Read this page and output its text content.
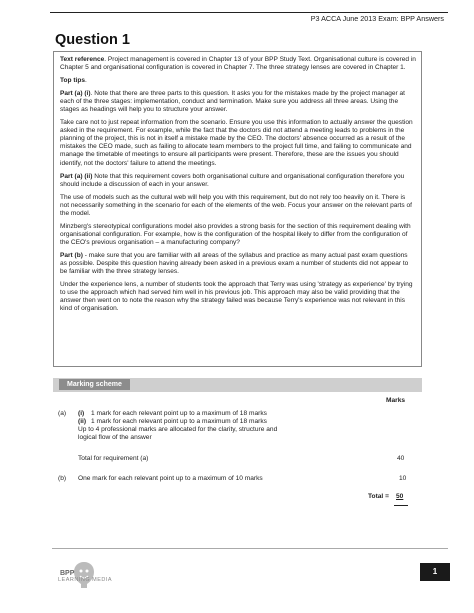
P3 ACCA June 2013 Exam: BPP Answers
Question 1

Text reference. Project management is covered in Chapter 13 of your BPP Study Text. Organisational culture is covered in Chapter 5 and organisational configuration is covered in Chapter 7. The three strategy lenses are covered in Chapter 1.

Top tips.

Part (a) (i). Note that there are three parts to this question. It asks you for the mistakes made by the project manager at each of the three stages: implementation, conduct and termination. Make sure you address all three areas. Using the stages as headings will help you to structure your answer.

Take care not to just repeat information from the scenario. Ensure you use this information to actually answer the question asked in the requirement. For example, while the fact that the doctors did not attend a meeting leads to problems in the planning of the project, this is not in itself a mistake made by the CEO. The doctors' absence occurred as a result of the mistakes the CEO made, such as failing to allocate team members to the project full time, and failing to communicate and manage the timetable of meetings to ensure all participants were present. Therefore, these are the issues you should identify, not the doctors' failure to attend the meetings.

Part (a) (ii) Note that this requirement covers both organisational culture and organisational configuration therefore you should include a discussion of each in your answer.

The use of models such as the cultural web will help you with this requirement, but do not rely too heavily on it. There is not necessarily something in the scenario for each of the elements of the web. Focus your answer on the relevant parts of the model.

Minzberg's stereotypical configurations model also provides a strong basis for the section of this requirement dealing with organisational configuration. For example, how is the configuration of the hospital likely to differ from the configuration of the CEO's previous organisation – a manufacturing company?

Part (b) - make sure that you are familiar with all areas of the syllabus and practice as many actual past exam questions as possible. Despite this question having already been asked in a previous exam a number of students did not appear to be familiar with the three strategy lenses.

Under the experience lens, a number of students took the approach that Terry was using 'strategy as experience' by trying to use the approach which had served him well in his previous job. This approach may also be valid providing that the answer then went on to note the reason why the strategy failed was because Terry's experience was not relevant in this kind of organisation.

Marking scheme
Marks
(a) (i) 1 mark for each relevant point up to a maximum of 18 marks
(ii) 1 mark for each relevant point up to a maximum of 18 marks
Up to 4 professional marks are allocated for the clarity, structure and
logical flow of the answer
Total for requirement (a)	40
(b) One mark for each relevant point up to a maximum of 10 marks	10
Total = 50
BPP
LEARNING MEDIA
1
